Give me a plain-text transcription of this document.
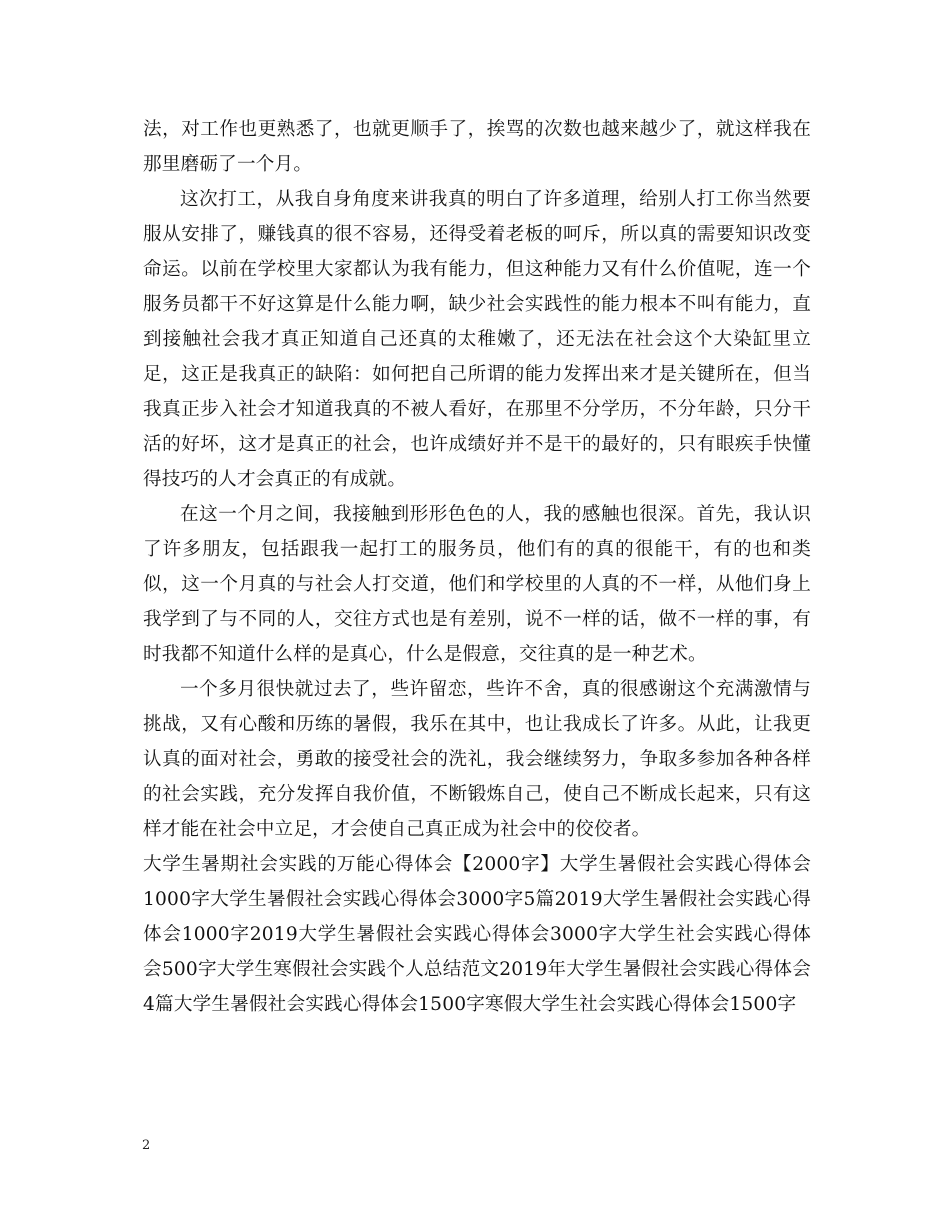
法，对工作也更熟悉了，也就更顺手了，挨骂的次数也越来越少了，就这样我在那里磨砺了一个月。

这次打工，从我自身角度来讲我真的明白了许多道理，给别人打工你当然要服从安排了，赚钱真的很不容易，还得受着老板的呵斥，所以真的需要知识改变命运。以前在学校里大家都认为我有能力，但这种能力又有什么价值呢，连一个服务员都干不好这算是什么能力啊，缺少社会实践性的能力根本不叫有能力，直到接触社会我才真正知道自己还真的太稚嫩了，还无法在社会这个大染缸里立足，这正是我真正的缺陷：如何把自己所谓的能力发挥出来才是关键所在，但当我真正步入社会才知道我真的不被人看好，在那里不分学历，不分年龄，只分干活的好坏，这才是真正的社会，也许成绩好并不是干的最好的，只有眼疾手快懂得技巧的人才会真正的有成就。

在这一个月之间，我接触到形形色色的人，我的感触也很深。首先，我认识了许多朋友，包括跟我一起打工的服务员，他们有的真的很能干，有的也和类似，这一个月真的与社会人打交道，他们和学校里的人真的不一样，从他们身上我学到了与不同的人，交往方式也是有差别，说不一样的话，做不一样的事，有时我都不知道什么样的是真心，什么是假意，交往真的是一种艺术。

一个多月很快就过去了，些许留恋，些许不舍，真的很感谢这个充满激情与挑战，又有心酸和历练的暑假，我乐在其中，也让我成长了许多。从此，让我更认真的面对社会，勇敢的接受社会的洗礼，我会继续努力，争取多参加各种各样的社会实践，充分发挥自我价值，不断锻炼自己，使自己不断成长起来，只有这样才能在社会中立足，才会使自己真正成为社会中的佼佼者。

大学生暑期社会实践的万能心得体会【2000字】大学生暑假社会实践心得体会1000字大学生暑假社会实践心得体会3000字5篇2019大学生暑假社会实践心得体会1000字2019大学生暑假社会实践心得体会3000字大学生社会实践心得体会500字大学生寒假社会实践个人总结范文2019年大学生暑假社会实践心得体会4篇大学生暑假社会实践心得体会1500字寒假大学生社会实践心得体会1500字

2
